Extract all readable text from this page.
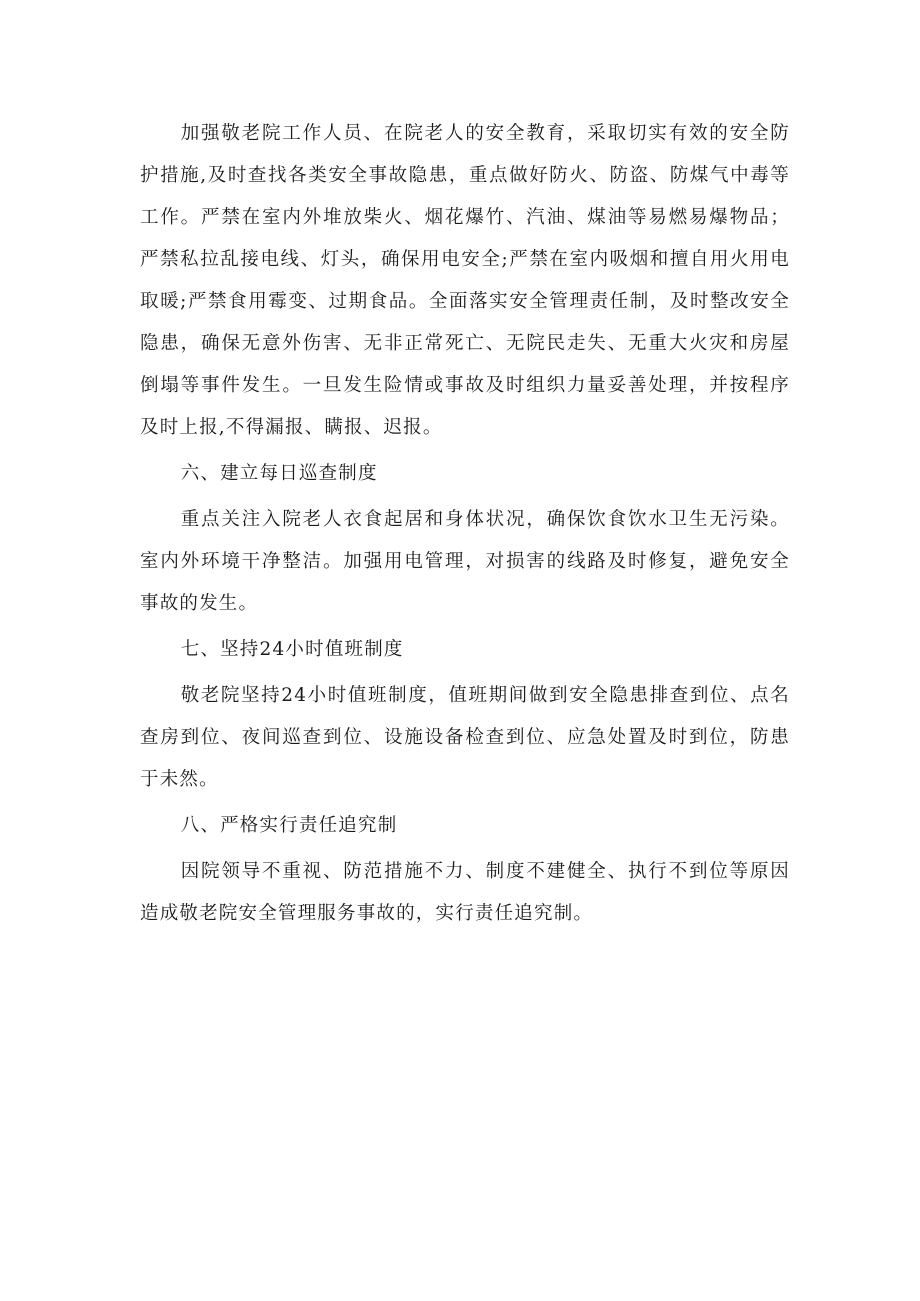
加强敬老院工作人员、在院老人的安全教育，采取切实有效的安全防护措施,及时查找各类安全事故隐患，重点做好防火、防盗、防煤气中毒等工作。严禁在室内外堆放柴火、烟花爆竹、汽油、煤油等易燃易爆物品；严禁私拉乱接电线、灯头，确保用电安全;严禁在室内吸烟和擅自用火用电取暖;严禁食用霉变、过期食品。全面落实安全管理责任制，及时整改安全隐患，确保无意外伤害、无非正常死亡、无院民走失、无重大火灾和房屋倒塌等事件发生。一旦发生险情或事故及时组织力量妥善处理，并按程序及时上报,不得漏报、瞒报、迟报。

六、建立每日巡查制度

重点关注入院老人衣食起居和身体状况，确保饮食饮水卫生无污染。室内外环境干净整洁。加强用电管理，对损害的线路及时修复，避免安全事故的发生。

七、坚持24小时值班制度

敬老院坚持24小时值班制度，值班期间做到安全隐患排查到位、点名查房到位、夜间巡查到位、设施设备检查到位、应急处置及时到位，防患于未然。

八、严格实行责任追究制

因院领导不重视、防范措施不力、制度不建健全、执行不到位等原因造成敬老院安全管理服务事故的，实行责任追究制。
